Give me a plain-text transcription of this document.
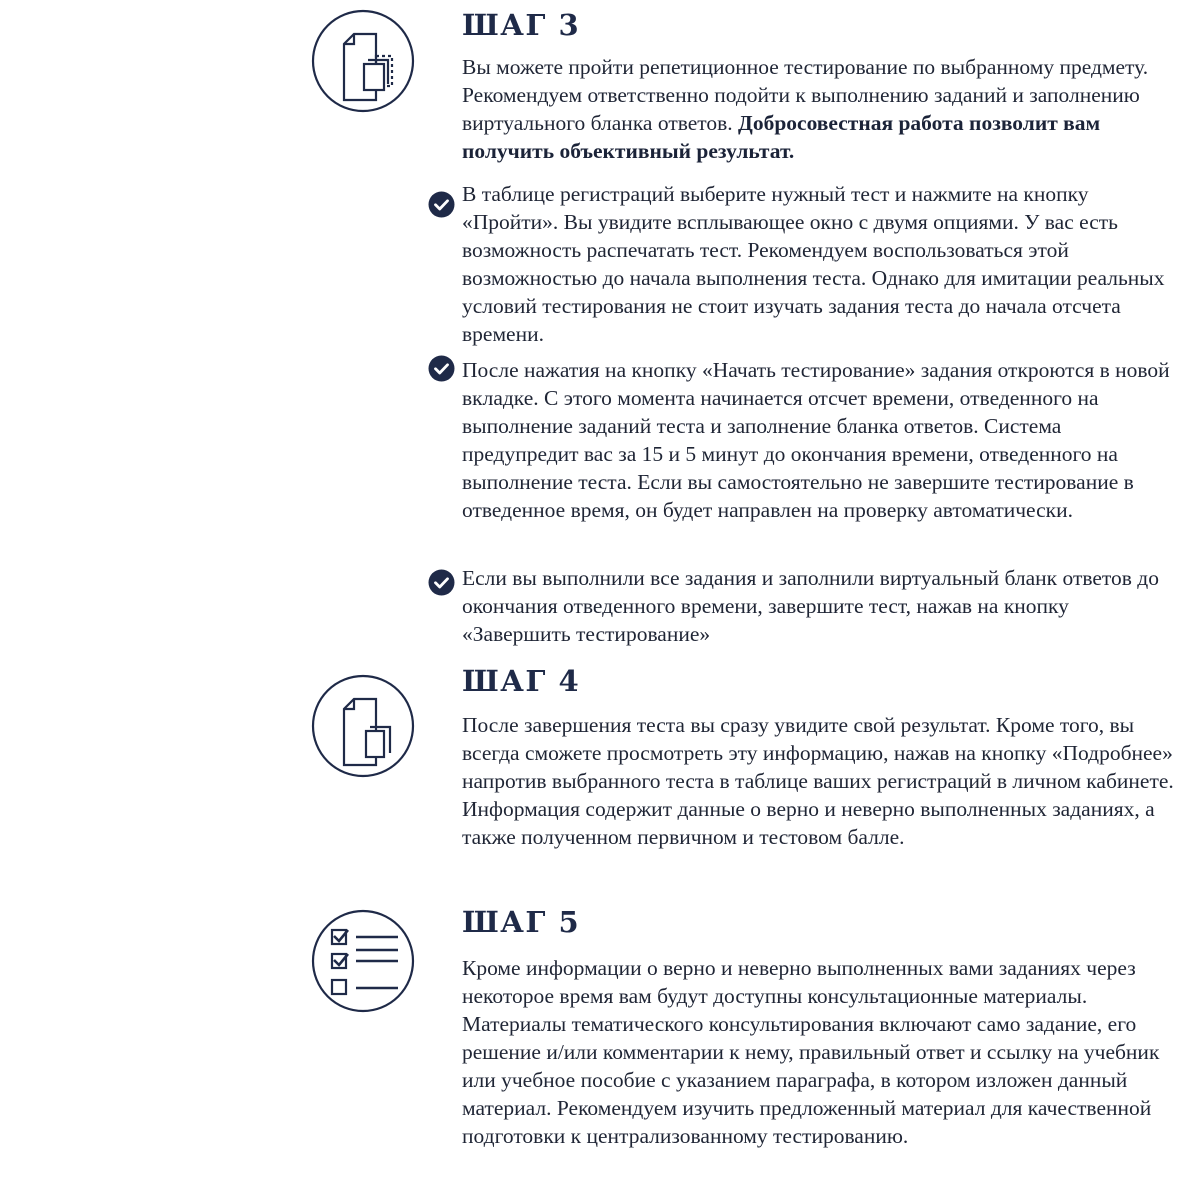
ШАГ 3

Вы можете пройти репетиционное тестирование по выбранному предмету. Рекомендуем ответственно подойти к выполнению заданий и заполнению виртуального бланка ответов. Добросовестная работа позволит вам получить объективный результат.

В таблице регистраций выберите нужный тест и нажмите на кнопку «Пройти». Вы увидите всплывающее окно с двумя опциями. У вас есть возможность распечатать тест. Рекомендуем воспользоваться этой возможностью до начала выполнения теста. Однако для имитации реальных условий тестирования не стоит изучать задания теста до начала отсчета времени.

После нажатия на кнопку «Начать тестирование» задания откроются в новой вкладке. С этого момента начинается отсчет времени, отведенного на выполнение заданий теста и заполнение бланка ответов. Система предупредит вас за 15 и 5 минут до окончания времени, отведенного на выполнение теста. Если вы самостоятельно не завершите тестирование в отведенное время, он будет направлен на проверку автоматически.

Если вы выполнили все задания и заполнили виртуальный бланк ответов до окончания отведенного времени, завершите тест, нажав на кнопку «Завершить тестирование»

ШАГ 4

После завершения теста вы сразу увидите свой результат. Кроме того, вы всегда сможете просмотреть эту информацию, нажав на кнопку «Подробнее» напротив выбранного теста в таблице ваших регистраций в личном кабинете. Информация содержит данные о верно и неверно выполненных заданиях, а также полученном первичном и тестовом балле.

ШАГ 5

Кроме информации о верно и неверно выполненных вами заданиях через некоторое время вам будут доступны консультационные материалы. Материалы тематического консультирования включают само задание, его решение и/или комментарии к нему, правильный ответ и ссылку на учебник или учебное пособие с указанием параграфа, в котором изложен данный материал. Рекомендуем изучить предложенный материал для качественной подготовки к централизованному тестированию.
